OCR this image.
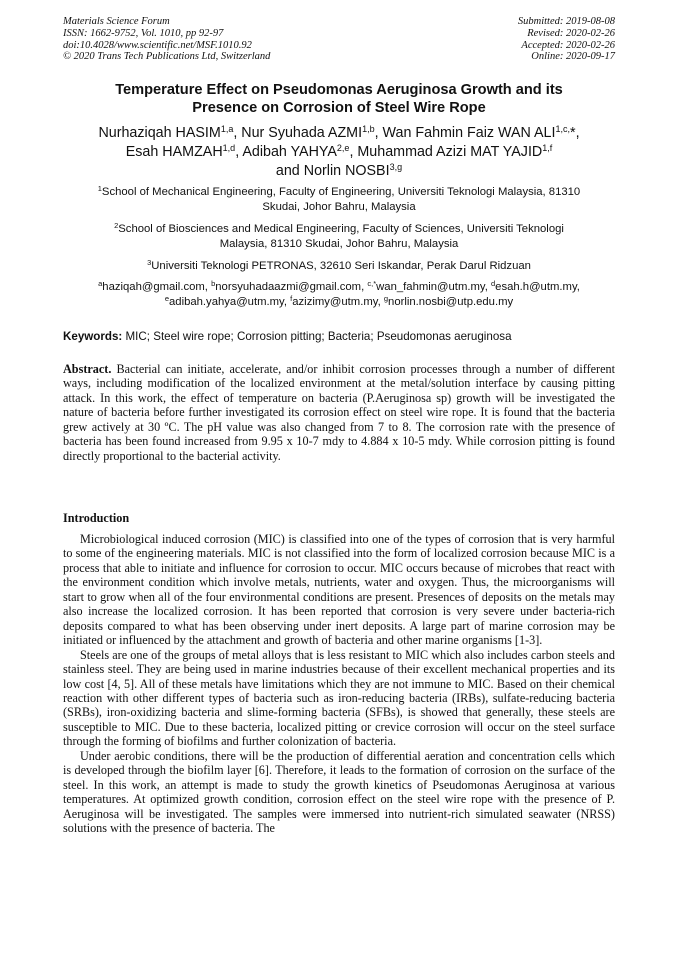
Materials Science Forum
ISSN: 1662-9752, Vol. 1010, pp 92-97
doi:10.4028/www.scientific.net/MSF.1010.92
© 2020 Trans Tech Publications Ltd, Switzerland
Submitted: 2019-08-08
Revised: 2020-02-26
Accepted: 2020-02-26
Online: 2020-09-17
Temperature Effect on Pseudomonas Aeruginosa Growth and its
Presence on Corrosion of Steel Wire Rope
Nurhaziqah HASIM$^{1,a}$, Nur Syuhada AZMI$^{1,b}$, Wan Fahmin Faiz WAN $ALI^{1,c,}*$,
Esah HAMZAH$^{1,d}$, Adibah YAHYA$^{2,e}$, Muhammad Azizi MAT YAJID$^{1,f}$
and Norlin NOSBI$^{3,g}$
$^1$School of Mechanical Engineering, Faculty of Engineering, Universiti Teknologi Malaysia, 81310
Skudai, Johor Bahru, Malaysia
$^2$School of Biosciences and Medical Engineering, Faculty of Sciences, Universiti Teknologi
Malaysia, 81310 Skudai, Johor Bahru, Malaysia
$^3$Universiti Teknologi PETRONAS, 32610 Seri Iskandar, Perak Darul Ridzuan
$^a$haziqah@gmail.com, $^b$norsyuhadaazmi@gmail.com, $^{c,*}$wan_fahmin@utm.my, $^d$esah.h@utm.my,
$^e$adibah.yahya@utm.my, $^f$azizimy@utm.my, $^g$norlin.nosbi@utp.edu.my
Keywords: MIC; Steel wire rope; Corrosion pitting; Bacteria; Pseudomonas aeruginosa

Abstract. Bacterial can initiate, accelerate, and/or inhibit corrosion processes through a number of different ways, including modification of the localized environment at the metal/solution interface by causing pitting attack. In this work, the effect of temperature on bacteria (P.Aeruginosa sp) growth will be investigated the nature of bacteria before further investigated its corrosion effect on steel wire rope. It is found that the bacteria grew actively at 30 ºC. The pH value was also changed from 7 to 8. The corrosion rate with the presence of bacteria has been found increased from 9.95 x 10-7 mdy to 4.884 x 10-5 mdy. While corrosion pitting is found directly proportional to the bacterial activity.

Introduction

Microbiological induced corrosion (MIC) is classified into one of the types of corrosion that is very harmful to some of the engineering materials. MIC is not classified into the form of localized corrosion because MIC is a process that able to initiate and influence for corrosion to occur. MIC occurs because of microbes that react with the environment condition which involve metals, nutrients, water and oxygen. Thus, the microorganisms will start to grow when all of the four environmental conditions are present. Presences of deposits on the metals may also increase the localized corrosion. It has been reported that corrosion is very severe under bacteria-rich deposits compared to what has been observing under inert deposits. A large part of marine corrosion may be initiated or influenced by the attachment and growth of bacteria and other marine organisms [1-3].

Steels are one of the groups of metal alloys that is less resistant to MIC which also includes carbon steels and stainless steel. They are being used in marine industries because of their excellent mechanical properties and its low cost [4, 5]. All of these metals have limitations which they are not immune to MIC. Based on their chemical reaction with other different types of bacteria such as iron-reducing bacteria (IRBs), sulfate-reducing bacteria (SRBs), iron-oxidizing bacteria and slime-forming bacteria (SFBs), is showed that generally, these steels are susceptible to MIC. Due to these bacteria, localized pitting or crevice corrosion will occur on the steel surface through the forming of biofilms and further colonization of bacteria.

Under aerobic conditions, there will be the production of differential aeration and concentration cells which is developed through the biofilm layer [6]. Therefore, it leads to the formation of corrosion on the surface of the steel. In this work, an attempt is made to study the growth kinetics of Pseudomonas Aeruginosa at various temperatures. At optimized growth condition, corrosion effect on the steel wire rope with the presence of P. Aeruginosa will be investigated. The samples were immersed into nutrient-rich simulated seawater (NRSS) solutions with the presence of bacteria. The
